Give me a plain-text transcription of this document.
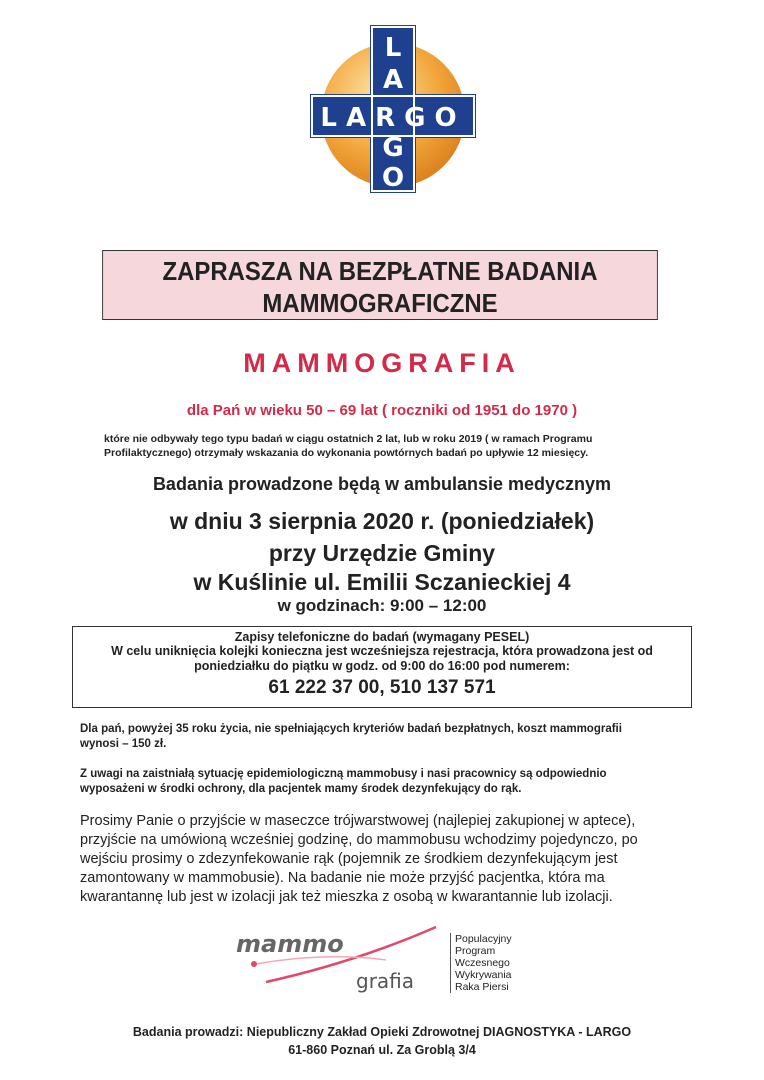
L
A
G
O
LARGO
ZAPRASZA NA BEZPŁATNE BADANIA
MAMMOGRAFICZNE
MAMMOGRAFIA
dla Pań w wieku 50 – 69 lat ( roczniki od 1951 do 1970 )
które nie odbywały tego typu badań w ciągu ostatnich 2 lat, lub w roku 2019 ( w ramach Programu
Profilaktycznego) otrzymały wskazania do wykonania powtórnych badań po upływie 12 miesięcy.
Badania prowadzone będą w ambulansie medycznym
w dniu 3 sierpnia 2020 r. (poniedziałek)
przy Urzędzie Gminy
w Kuślinie ul. Emilii Sczanieckiej 4
w godzinach: 9:00 – 12:00
Zapisy telefoniczne do badań (wymagany PESEL)
W celu uniknięcia kolejki konieczna jest wcześniejsza rejestracja, która prowadzona jest od
poniedziałku do piątku w godz. od 9:00 do 16:00 pod numerem:
61 222 37 00, 510 137 571
Dla pań, powyżej 35 roku życia, nie spełniających kryteriów badań bezpłatnych, koszt mammografii
wynosi – 150 zł.
Z uwagi na zaistniałą sytuację epidemiologiczną mammobusy i nasi pracownicy są odpowiednio
wyposażeni w środki ochrony, dla pacjentek mamy środek dezynfekujący do rąk.
Prosimy Panie o przyjście w maseczce trójwarstwowej (najlepiej zakupionej w aptece),
przyjście na umówioną wcześniej godzinę, do mammobusu wchodzimy pojedynczo, po
wejściu prosimy o zdezynfekowanie rąk (pojemnik ze środkiem dezynfekującym jest
zamontowany w mammobusie). Na badanie nie może przyjść pacjentka, która ma
kwarantannę lub jest w izolacji jak też mieszka z osobą w kwarantannie lub izolacji.
mammo
grafia
Populacyjny
Program
Wczesnego
Wykrywania
Raka Piersi
Badania prowadzi: Niepubliczny Zakład Opieki Zdrowotnej DIAGNOSTYKA - LARGO
61-860 Poznań ul. Za Groblą 3/4
